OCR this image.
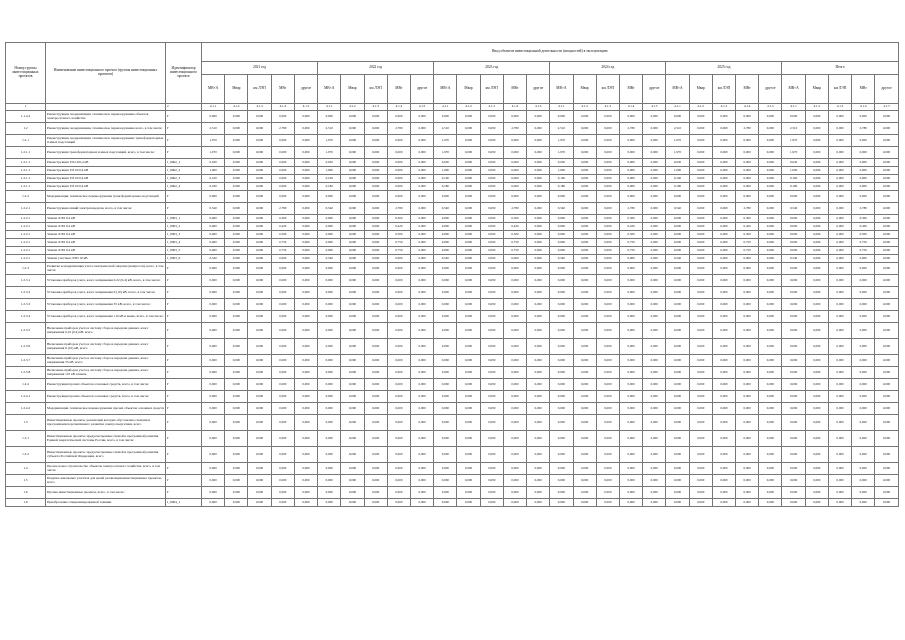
Номер группы инвестиционных проектов	Наименование инвестиционного проекта (группы инвестиционных проектов)	Идентификатор инвестиционного проекта	Ввод объектов инвестиционной деятельности (мощностей) в эксплуатацию																													
			2021 год					2022 год					2023 год					2024 год					2025 год					Итого				
			МВ×А	Мвар	км ЛЭП	МВт	другое	МВ×А	Мвар	км ЛЭП	МВт	другое	МВ×А	Мвар	км ЛЭП	МВт	другое	МВ×А	Мвар	км ЛЭП	МВт	другое	МВ×А	Мвар	км ЛЭП	МВт	другое	МВ×А	Мвар	км ЛЭП	МВт	другое
1		2	4.1.1	4.1.2	4.1.3	4.1.4	4.1.5	4.1.1	4.1.2	4.1.3	4.1.4	4.1.5	4.1.1	4.1.2	4.1.3	4.1.4	4.1.5	4.1.1	4.1.2	4.1.3	4.1.4	4.1.5	4.1.1	4.1.2	4.1.3	4.1.4	4.1.5	4.1.1	4.1.2	4.1.3	4.1.4	4.1.5
1.1.4.2	Реконструкция, модернизация, техническое перевооружение объектов электросетевого хозяйства	Г	0,000	0,000	0,000	0,000	0,000	0,000	0,000	0,000	0,000	0,000	0,000	0,000	0,000	0,000	0,000	0,000	0,000	0,000	0,000	0,000	0,000	0,000	0,000	0,000	0,000	0,000	0,000	0,000	0,000	0,000
1.2	Реконструкция, модернизация, техническое перевооружение всего, в том числе:	Г	2,510	0,000	0,000	2,780	0,000	2,510	0,000	0,000	2,780	0,000	2,510	0,000	0,000	2,780	0,000	2,510	0,000	0,000	2,780	0,000	2,510	0,000	0,000	2,780	0,000	2,510	0,000	0,000	2,780	0,000
1.2.1	Реконструкция, модернизация, техническое перевооружение трансформаторных и иных подстанций	Г	1,970	0,000	0,000	0,000	0,000	1,970	0,000	0,000	0,000	0,000	1,970	0,000	0,000	0,000	0,000	1,970	0,000	0,000	0,000	0,000	1,970	0,000	0,000	0,000	0,000	1,970	0,000	0,000	0,000	0,000
1.2.1.1	Реконструкция трансформаторных и иных подстанций, всего, в том числе:	Г	1,970	0,000	0,000	0,000	0,000	1,970	0,000	0,000	0,000	0,000	1,970	0,000	0,000	0,000	0,000	1,970	0,000	0,000	0,000	0,000	1,970	0,000	0,000	0,000	0,000	1,970	0,000	0,000	0,000	0,000
1.2.1.1	Реконструкция ТП-10/0,4 кВ	J_0062_1	0,630	0,000	0,000	0,000	0,000	0,630	0,000	0,000	0,000	0,000	0,630	0,000	0,000	0,000	0,000	0,630	0,000	0,000	0,000	0,000	0,630	0,000	0,000	0,000	0,000	0,630	0,000	0,000	0,000	0,000
1.2.1.1	Реконструкция ТП 10/0,4 кВ	J_0062_2	1,000	0,000	0,000	0,000	0,000	1,000	0,000	0,000	0,000	0,000	1,000	0,000	0,000	0,000	0,000	1,000	0,000	0,000	0,000	0,000	1,000	0,000	0,000	0,000	0,000	1,000	0,000	0,000	0,000	0,000
1.2.1.1	Реконструкция ТП 10/0,4 кВ	J_0062_3	0,160	0,000	0,000	0,000	0,000	0,160	0,000	0,000	0,000	0,000	0,160	0,000	0,000	0,000	0,000	0,160	0,000	0,000	0,000	0,000	0,160	0,000	0,000	0,000	0,000	0,160	0,000	0,000	0,000	0,000
1.2.1.1	Реконструкция ТП 10/0,4 кВ	J_0062_4	0,180	0,000	0,000	0,000	0,000	0,180	0,000	0,000	0,000	0,000	0,180	0,000	0,000	0,000	0,000	0,180	0,000	0,000	0,000	0,000	0,180	0,000	0,000	0,000	0,000	0,180	0,000	0,000	0,000	0,000
1.2.2	Модернизация, техническое перевооружение трансформаторных подстанций	Г	0,000	0,000	0,000	0,000	0,000	0,000	0,000	0,000	0,000	0,000	0,000	0,000	0,000	0,000	0,000	0,000	0,000	0,000	0,000	0,000	0,000	0,000	0,000	0,000	0,000	0,000	0,000	0,000	0,000	0,000
1.2.2.1	Реконструкция линий электропередачи, всего, в том числе:	Г	0,540	0,000	0,000	2,780	0,000	0,540	0,000	0,000	2,780	0,000	0,540	0,000	0,000	2,780	0,000	0,540	0,000	0,000	2,780	0,000	0,540	0,000	0,000	2,780	0,000	0,540	0,000	0,000	2,780	0,000
1.2.2.1	Замена ЛЭП 0,4 кВ	J_0063_1	0,000	0,000	0,000	0,360	0,000	0,000	0,000	0,000	0,360	0,000	0,000	0,000	0,000	0,360	0,000	0,000	0,000	0,000	0,360	0,000	0,000	0,000	0,000	0,360	0,000	0,000	0,000	0,000	0,360	0,000
1.2.2.1	Замена ЛЭП 0,4 кВ	J_0063_2	0,000	0,000	0,000	0,420	0,000	0,000	0,000	0,000	0,420	0,000	0,000	0,000	0,000	0,420	0,000	0,000	0,000	0,000	0,420	0,000	0,000	0,000	0,000	0,420	0,000	0,000	0,000	0,000	0,420	0,000
1.2.2.1	Замена ЛЭП 0,4 кВ	J_0063_3	0,000	0,000	0,000	0,500	0,000	0,000	0,000	0,000	0,500	0,000	0,000	0,000	0,000	0,500	0,000	0,000	0,000	0,000	0,500	0,000	0,000	0,000	0,000	0,500	0,000	0,000	0,000	0,000	0,500	0,000
1.2.2.1	Замена ЛЭП 0,4 кВ	J_0063_4	0,000	0,000	0,000	0,750	0,000	0,000	0,000	0,000	0,750	0,000	0,000	0,000	0,000	0,750	0,000	0,000	0,000	0,000	0,750	0,000	0,000	0,000	0,000	0,750	0,000	0,000	0,000	0,000	0,750	0,000
1.2.2.1	Замена ЛЭП 0,4 кВ	J_0063_5	0,000	0,000	0,000	0,750	0,000	0,000	0,000	0,000	0,750	0,000	0,000	0,000	0,000	0,750	0,000	0,000	0,000	0,000	0,750	0,000	0,000	0,000	0,000	0,750	0,000	0,000	0,000	0,000	0,750	0,000
1.2.2.1	Замена участков ЛЭП 10 кВ	J_0063_6	0,540	0,000	0,000	0,000	0,000	0,540	0,000	0,000	0,000	0,000	0,540	0,000	0,000	0,000	0,000	0,540	0,000	0,000	0,000	0,000	0,540	0,000	0,000	0,000	0,000	0,540	0,000	0,000	0,000	0,000
1.2.3	Развитие и модернизация учета электрической энергии (мощности), всего, в том числе:	Г	0,000	0,000	0,000	0,000	0,000	0,000	0,000	0,000	0,000	0,000	0,000	0,000	0,000	0,000	0,000	0,000	0,000	0,000	0,000	0,000	0,000	0,000	0,000	0,000	0,000	0,000	0,000	0,000	0,000	0,000
1.2.3.1	Установка приборов учета, класс напряжения 0,22 (0,4) кВ, всего, в том числе:	Г	0,000	0,000	0,000	0,000	0,000	0,000	0,000	0,000	0,000	0,000	0,000	0,000	0,000	0,000	0,000	0,000	0,000	0,000	0,000	0,000	0,000	0,000	0,000	0,000	0,000	0,000	0,000	0,000	0,000	0,000
1.2.3.2	Установка приборов учета, класс напряжения 6 (10) кВ, всего, в том числе:	Г	0,000	0,000	0,000	0,000	0,000	0,000	0,000	0,000	0,000	0,000	0,000	0,000	0,000	0,000	0,000	0,000	0,000	0,000	0,000	0,000	0,000	0,000	0,000	0,000	0,000	0,000	0,000	0,000	0,000	0,000
1.2.3.3	Установка приборов учета, класс напряжения 35 кВ, всего, в том числе:	Г	0,000	0,000	0,000	0,000	0,000	0,000	0,000	0,000	0,000	0,000	0,000	0,000	0,000	0,000	0,000	0,000	0,000	0,000	0,000	0,000	0,000	0,000	0,000	0,000	0,000	0,000	0,000	0,000	0,000	0,000
1.2.3.4	Установка приборов учета, класс напряжения 110 кВ и выше, всего, в том числе:	Г	0,000	0,000	0,000	0,000	0,000	0,000	0,000	0,000	0,000	0,000	0,000	0,000	0,000	0,000	0,000	0,000	0,000	0,000	0,000	0,000	0,000	0,000	0,000	0,000	0,000	0,000	0,000	0,000	0,000	0,000
1.2.3.5	Включение приборов учета в систему сбора и передачи данных, класс напряжения 0,22 (0,4) кВ, всего	Г	0,000	0,000	0,000	0,000	0,000	0,000	0,000	0,000	0,000	0,000	0,000	0,000	0,000	0,000	0,000	0,000	0,000	0,000	0,000	0,000	0,000	0,000	0,000	0,000	0,000	0,000	0,000	0,000	0,000	0,000
1.2.3.6	Включение приборов учета в систему сбора и передачи данных, класс напряжения 6 (10) кВ, всего	Г	0,000	0,000	0,000	0,000	0,000	0,000	0,000	0,000	0,000	0,000	0,000	0,000	0,000	0,000	0,000	0,000	0,000	0,000	0,000	0,000	0,000	0,000	0,000	0,000	0,000	0,000	0,000	0,000	0,000	0,000
1.2.3.7	Включение приборов учета в систему сбора и передачи данных, класс напряжения 35 кВ, всего	Г	0,000	0,000	0,000	0,000	0,000	0,000	0,000	0,000	0,000	0,000	0,000	0,000	0,000	0,000	0,000	0,000	0,000	0,000	0,000	0,000	0,000	0,000	0,000	0,000	0,000	0,000	0,000	0,000	0,000	0,000
1.2.3.8	Включение приборов учета в систему сбора и передачи данных, класс напряжения 110 кВ и выше	Г	0,000	0,000	0,000	0,000	0,000	0,000	0,000	0,000	0,000	0,000	0,000	0,000	0,000	0,000	0,000	0,000	0,000	0,000	0,000	0,000	0,000	0,000	0,000	0,000	0,000	0,000	0,000	0,000	0,000	0,000
1.2.4	Реконструкция прочих объектов основных средств, всего, в том числе:	Г	0,000	0,000	0,000	0,000	0,000	0,000	0,000	0,000	0,000	0,000	0,000	0,000	0,000	0,000	0,000	0,000	0,000	0,000	0,000	0,000	0,000	0,000	0,000	0,000	0,000	0,000	0,000	0,000	0,000	0,000
1.2.4.1	Реконструкция прочих объектов основных средств, всего, в том числе:	Г	0,000	0,000	0,000	0,000	0,000	0,000	0,000	0,000	0,000	0,000	0,000	0,000	0,000	0,000	0,000	0,000	0,000	0,000	0,000	0,000	0,000	0,000	0,000	0,000	0,000	0,000	0,000	0,000	0,000	0,000
1.2.4.2	Модернизация, техническое перевооружение прочих объектов основных средств	Г	0,000	0,000	0,000	0,000	0,000	0,000	0,000	0,000	0,000	0,000	0,000	0,000	0,000	0,000	0,000	0,000	0,000	0,000	0,000	0,000	0,000	0,000	0,000	0,000	0,000	0,000	0,000	0,000	0,000	0,000
1.3	Инвестиционные проекты, реализация которых обусловлена схемами и программами перспективного развития электроэнергетики, всего	Г	0,000	0,000	0,000	0,000	0,000	0,000	0,000	0,000	0,000	0,000	0,000	0,000	0,000	0,000	0,000	0,000	0,000	0,000	0,000	0,000	0,000	0,000	0,000	0,000	0,000	0,000	0,000	0,000	0,000	0,000
1.3.1	Инвестиционные проекты, предусмотренные схемой и программой развития Единой энергетической системы России, всего, в том числе:	Г	0,000	0,000	0,000	0,000	0,000	0,000	0,000	0,000	0,000	0,000	0,000	0,000	0,000	0,000	0,000	0,000	0,000	0,000	0,000	0,000	0,000	0,000	0,000	0,000	0,000	0,000	0,000	0,000	0,000	0,000
1.3.2	Инвестиционные проекты, предусмотренные схемой и программой развития субъекта Российской Федерации, всего	Г	0,000	0,000	0,000	0,000	0,000	0,000	0,000	0,000	0,000	0,000	0,000	0,000	0,000	0,000	0,000	0,000	0,000	0,000	0,000	0,000	0,000	0,000	0,000	0,000	0,000	0,000	0,000	0,000	0,000	0,000
1.4	Прочее новое строительство объектов электросетевого хозяйства, всего, в том числе:	Г	0,000	0,000	0,000	0,000	0,000	0,000	0,000	0,000	0,000	0,000	0,000	0,000	0,000	0,000	0,000	0,000	0,000	0,000	0,000	0,000	0,000	0,000	0,000	0,000	0,000	0,000	0,000	0,000	0,000	0,000
1.5	Покупка земельных участков для целей реализации инвестиционных проектов, всего	Г	0,000	0,000	0,000	0,000	0,000	0,000	0,000	0,000	0,000	0,000	0,000	0,000	0,000	0,000	0,000	0,000	0,000	0,000	0,000	0,000	0,000	0,000	0,000	0,000	0,000	0,000	0,000	0,000	0,000	0,000
1.6	Прочие инвестиционные проекты, всего, в том числе:	Г	0,000	0,000	0,000	0,000	0,000	0,000	0,000	0,000	0,000	0,000	0,000	0,000	0,000	0,000	0,000	0,000	0,000	0,000	0,000	0,000	0,000	0,000	0,000	0,000	0,000	0,000	0,000	0,000	0,000	0,000
1.6	Приобретение специализированной техники	J_0064_1	0,000	0,000	0,000	0,000	0,000	0,000	0,000	0,000	0,000	0,000	0,000	0,000	0,000	0,000	0,000	0,000	0,000	0,000	0,000	0,000	0,000	0,000	0,000	0,000	0,000	0,000	0,000	0,000	0,000	0,000
